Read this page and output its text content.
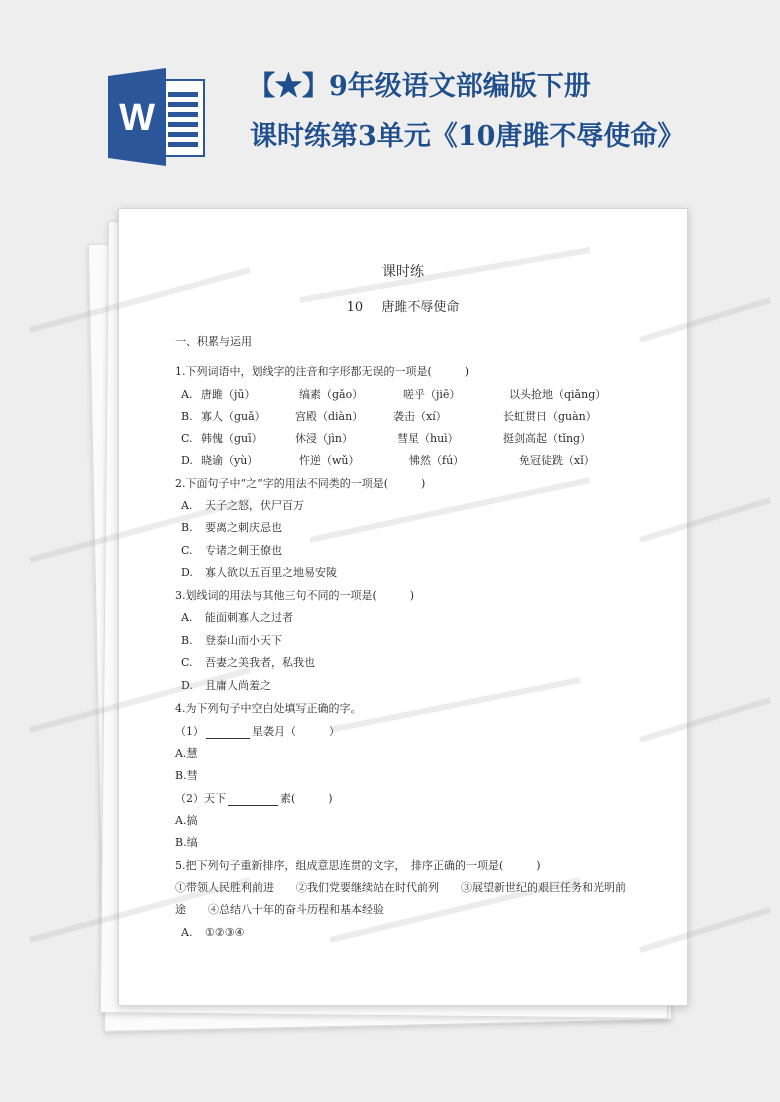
W
【★】9年级语文部编版下册
课时练第3单元《10唐雎不辱使命》
课时练
10 唐雎不辱使命
一、积累与运用
1.下列词语中，划线字的注音和字形都无误的一项是(　　　)
A. 唐雎（jū）	缟素（gǎo）	嗟乎（jiē）	以头抢地（qiǎng）
B. 寡人（guǎ）	宫殿（diàn）	袭击（xí）	长虹贯日（guàn）
C. 韩傀（guī）	休浸（jìn）	彗星（huì）	挺剑高起（tǐng）
D. 晓谕（yù）	忤逆（wǔ）	怫然（fú）	免冠徒跣（xǐ）
2.下面句子中“之”字的用法不同类的一项是(　　　)
A. 天子之怒，伏尸百万
B. 要离之刺庆忌也
C. 专诸之刺王僚也
D. 寡人欲以五百里之地易安陵
3.划线词的用法与其他三句不同的一项是(　　　)
A. 能面刺寡人之过者
B. 登泰山而小天下
C. 吾妻之美我者，私我也
D. 且庸人尚羞之
4.为下列句子中空白处填写正确的字。
（1）	星袭月（　　　）
A.慧
B.彗
（2）天下	素(　　　)
A.搞
B.缟
5.把下列句子重新排序，组成意思连贯的文字，　排序正确的一项是(　　　)
①带领人民胜利前进　　②我们党要继续站在时代前列　　③展望新世纪的艰巨任务和光明前
途　　④总结八十年的奋斗历程和基本经验
A. ①②③④
